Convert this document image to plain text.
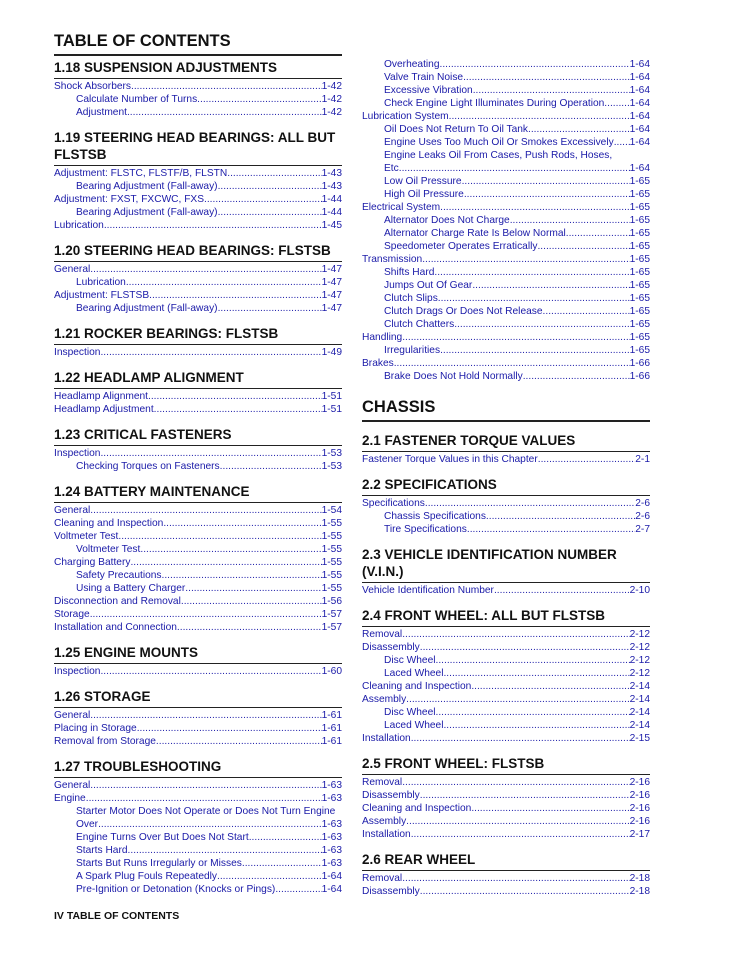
TABLE OF CONTENTS
1.18 SUSPENSION ADJUSTMENTS
Shock Absorbers .....	1-42
Calculate Number of Turns .....	1-42
Adjustment .....	1-42
1.19 STEERING HEAD BEARINGS: ALL BUT FLSTSB
Adjustment: FLSTC, FLSTF/B, FLSTN .....	1-43
Bearing Adjustment (Fall-away) .....	1-43
Adjustment: FXST, FXCWC, FXS .....	1-44
Bearing Adjustment (Fall-away) .....	1-44
Lubrication .....	1-45
1.20 STEERING HEAD BEARINGS: FLSTSB
General .....	1-47
Lubrication .....	1-47
Adjustment: FLSTSB .....	1-47
Bearing Adjustment (Fall-away) .....	1-47
1.21 ROCKER BEARINGS: FLSTSB
Inspection .....	1-49
1.22 HEADLAMP ALIGNMENT
Headlamp Alignment .....	1-51
Headlamp Adjustment .....	1-51
1.23 CRITICAL FASTENERS
Inspection .....	1-53
Checking Torques on Fasteners .....	1-53
1.24 BATTERY MAINTENANCE
General .....	1-54
Cleaning and Inspection .....	1-55
Voltmeter Test .....	1-55
Voltmeter Test .....	1-55
Charging Battery .....	1-55
Safety Precautions .....	1-55
Using a Battery Charger .....	1-55
Disconnection and Removal .....	1-56
Storage .....	1-57
Installation and Connection .....	1-57
1.25 ENGINE MOUNTS
Inspection .....	1-60
1.26 STORAGE
General .....	1-61
Placing in Storage .....	1-61
Removal from Storage .....	1-61
1.27 TROUBLESHOOTING
General .....	1-63
Engine .....	1-63
Starter Motor Does Not Operate or Does Not Turn Engine
Over .....	1-63
Engine Turns Over But Does Not Start .....	1-63
Starts Hard .....	1-63
Starts But Runs Irregularly or Misses .....	1-63
A Spark Plug Fouls Repeatedly .....	1-64
Pre-Ignition or Detonation (Knocks or Pings) .....	1-64
Overheating .....	1-64
Valve Train Noise .....	1-64
Excessive Vibration .....	1-64
Check Engine Light Illuminates During Operation ..... 1-64
Lubrication System .....	1-64
Oil Does Not Return To Oil Tank .....	1-64
Engine Uses Too Much Oil Or Smokes Excessively ..... 1-64
Engine Leaks Oil From Cases, Push Rods, Hoses,
Etc .....	1-64
Low Oil Pressure .....	1-65
High Oil Pressure .....	1-65
Electrical System .....	1-65
Alternator Does Not Charge .....	1-65
Alternator Charge Rate Is Below Normal .....	1-65
Speedometer Operates Erratically .....	1-65
Transmission .....	1-65
Shifts Hard .....	1-65
Jumps Out Of Gear .....	1-65
Clutch Slips .....	1-65
Clutch Drags Or Does Not Release .....	1-65
Clutch Chatters .....	1-65
Handling .....	1-65
Irregularities .....	1-65
Brakes .....	1-66
Brake Does Not Hold Normally .....	1-66
CHASSIS
2.1 FASTENER TORQUE VALUES
Fastener Torque Values in this Chapter .....	2-1
2.2 SPECIFICATIONS
Specifications .....	2-6
Chassis Specifications .....	2-6
Tire Specifications .....	2-7
2.3 VEHICLE IDENTIFICATION NUMBER (V.I.N.)
Vehicle Identification Number .....	2-10
2.4 FRONT WHEEL: ALL BUT FLSTSB
Removal .....	2-12
Disassembly .....	2-12
Disc Wheel .....	2-12
Laced Wheel .....	2-12
Cleaning and Inspection .....	2-14
Assembly .....	2-14
Disc Wheel .....	2-14
Laced Wheel .....	2-14
Installation .....	2-15
2.5 FRONT WHEEL: FLSTSB
Removal .....	2-16
Disassembly .....	2-16
Cleaning and Inspection .....	2-16
Assembly .....	2-16
Installation .....	2-17
2.6 REAR WHEEL
Removal .....	2-18
Disassembly .....	2-18
IV TABLE OF CONTENTS
